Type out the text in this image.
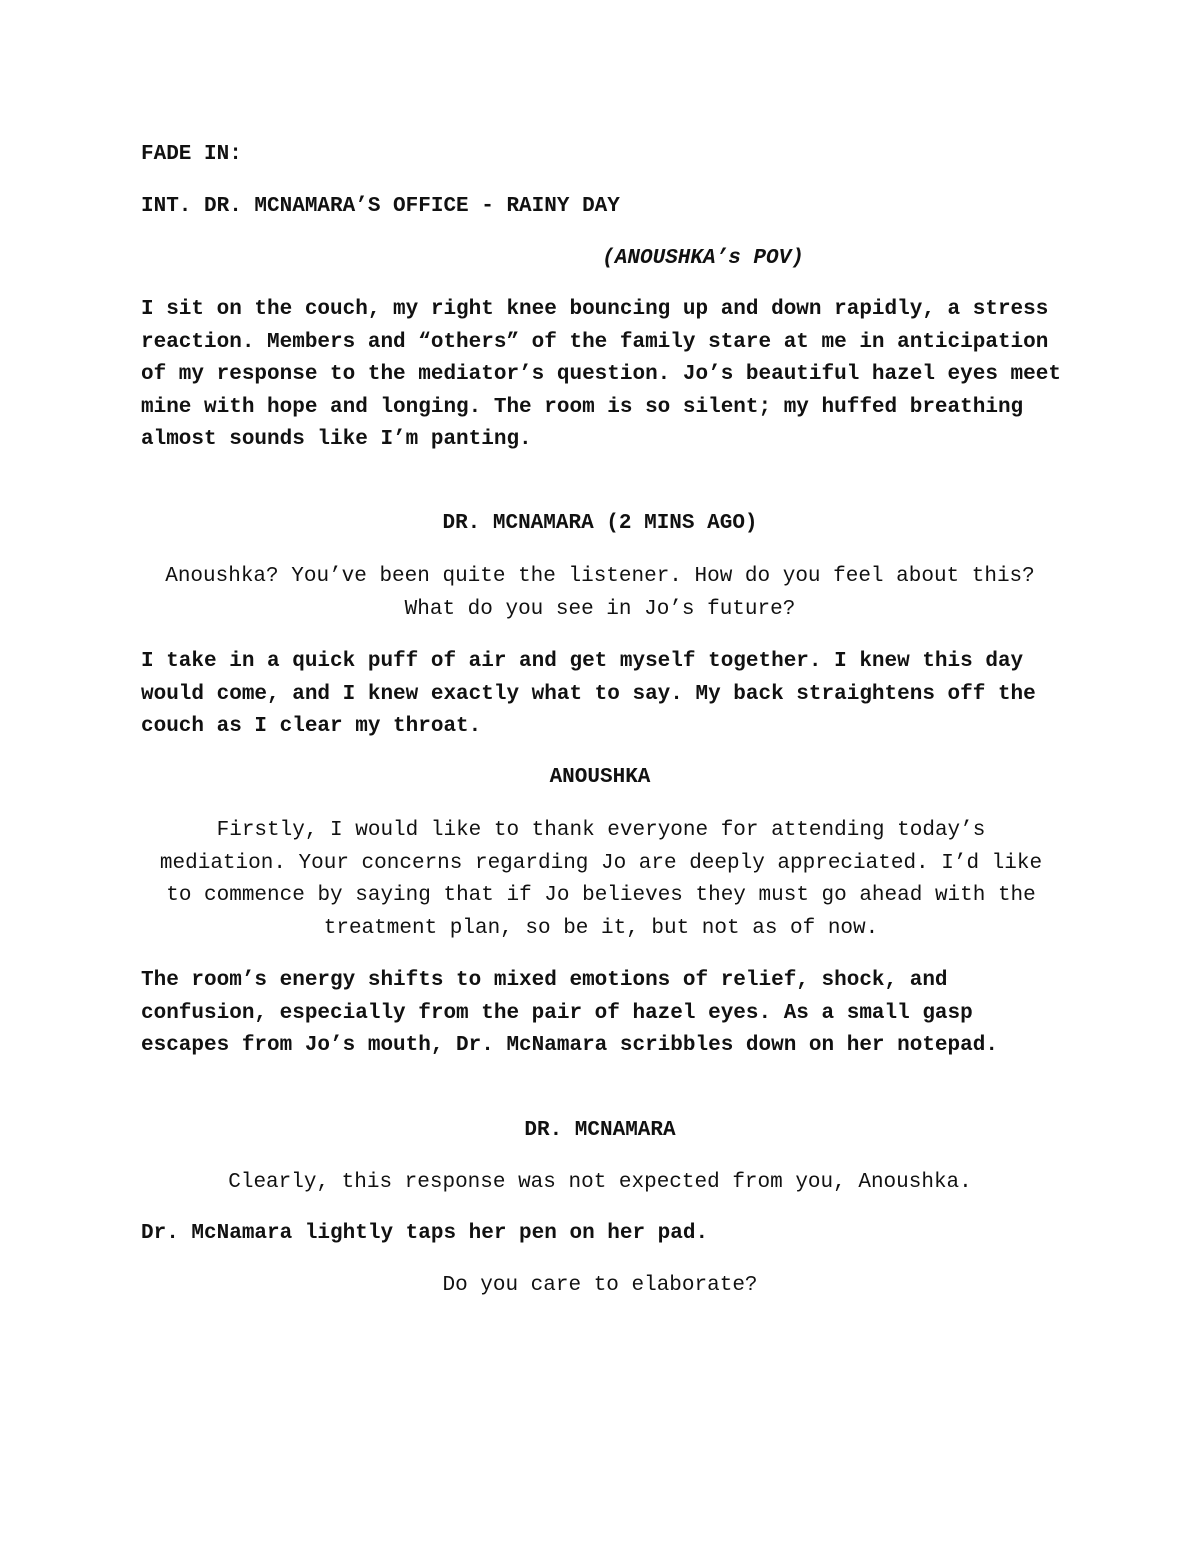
FADE IN:

INT. DR. MCNAMARA’S OFFICE - RAINY DAY

(ANOUSHKA’s POV)

I sit on the couch, my right knee bouncing up and down rapidly, a stress reaction. Members and “others” of the family stare at me in anticipation of my response to the mediator’s question. Jo’s beautiful hazel eyes meet mine with hope and longing. The room is so silent; my huffed breathing almost sounds like I’m panting.

DR. MCNAMARA (2 MINS AGO)

Anoushka? You’ve been quite the listener. How do you feel about this? What do you see in Jo’s future?

I take in a quick puff of air and get myself together. I knew this day would come, and I knew exactly what to say. My back straightens off the couch as I clear my throat.

ANOUSHKA

Firstly, I would like to thank everyone for attending today’s mediation. Your concerns regarding Jo are deeply appreciated. I’d like to commence by saying that if Jo believes they must go ahead with the treatment plan, so be it, but not as of now.

The room’s energy shifts to mixed emotions of relief, shock, and confusion, especially from the pair of hazel eyes. As a small gasp escapes from Jo’s mouth, Dr. McNamara scribbles down on her notepad.

DR. MCNAMARA

Clearly, this response was not expected from you, Anoushka.

Dr. McNamara lightly taps her pen on her pad.

Do you care to elaborate?
